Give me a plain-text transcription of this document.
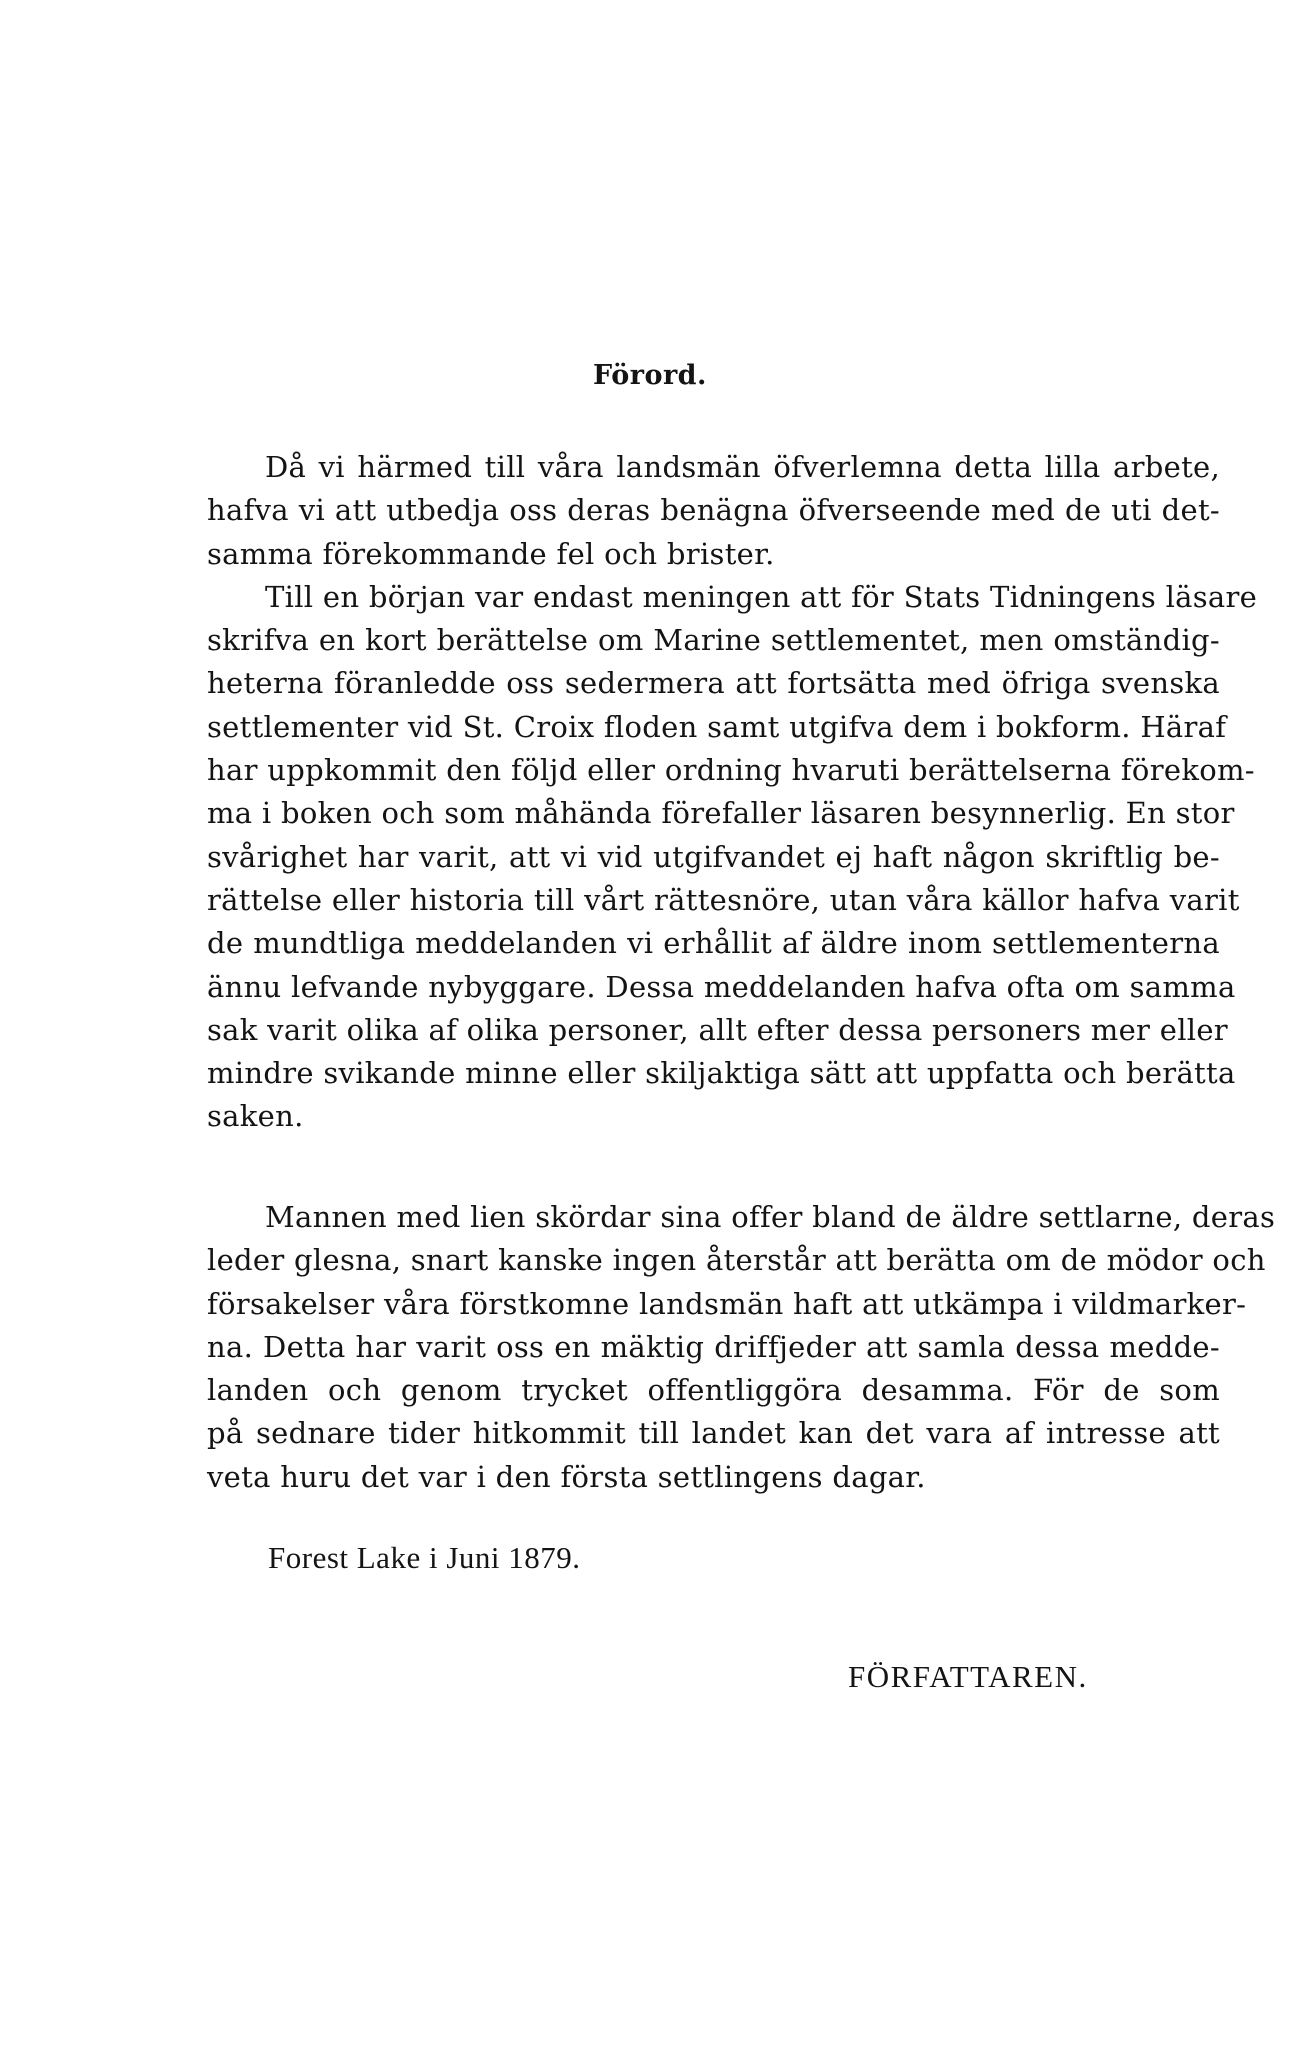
Förord.

Då vi härmed till våra landsmän öfverlemna detta lilla arbete,
hafva vi att utbedja oss deras benägna öfverseende med de uti det-
samma förekommande fel och brister.

Till en början var endast meningen att för Stats Tidningens läsare
skrifva en kort berättelse om Marine settlementet, men omständig-
heterna föranledde oss sedermera att fortsätta med öfriga svenska
settlementer vid St. Croix floden samt utgifva dem i bokform. Häraf
har uppkommit den följd eller ordning hvaruti berättelserna förekom-
ma i boken och som måhända förefaller läsaren besynnerlig. En stor
svårighet har varit, att vi vid utgifvandet ej haft någon skriftlig be-
rättelse eller historia till vårt rättesnöre, utan våra källor hafva varit
de mundtliga meddelanden vi erhållit af äldre inom settlementerna
ännu lefvande nybyggare. Dessa meddelanden hafva ofta om samma
sak varit olika af olika personer, allt efter dessa personers mer eller
mindre svikande minne eller skiljaktiga sätt att uppfatta och berätta
saken.

Mannen med lien skördar sina offer bland de äldre settlarne, deras
leder glesna, snart kanske ingen återstår att berätta om de mödor och
försakelser våra förstkomne landsmän haft att utkämpa i vildmarker-
na. Detta har varit oss en mäktig driffjeder att samla dessa medde-
landen och genom trycket offentliggöra desamma. För de som
på sednare tider hitkommit till landet kan det vara af intresse att
veta huru det var i den första settlingens dagar.

Forest Lake i Juni 1879.
FÖRFATTAREN.
